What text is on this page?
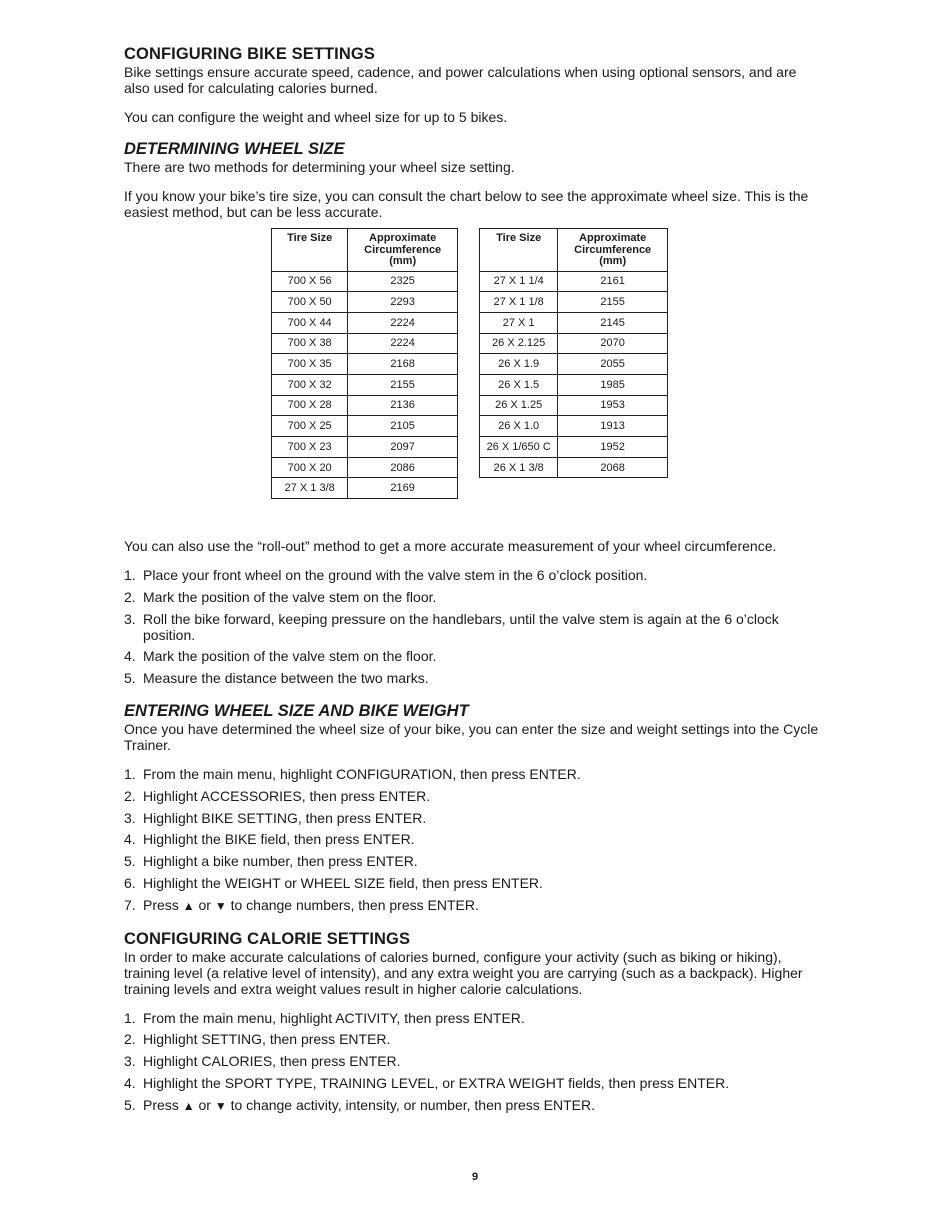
CONFIGURING BIKE SETTINGS

Bike settings ensure accurate speed, cadence, and power calculations when using optional sensors, and are also used for calculating calories burned.

You can configure the weight and wheel size for up to 5 bikes.

DETERMINING WHEEL SIZE

There are two methods for determining your wheel size setting.

If you know your bike’s tire size, you can consult the chart below to see the approximate wheel size. This is the easiest method, but can be less accurate.

Tire Size	Approximate
Circumference
(mm)
700 X 56	2325
700 X 50	2293
700 X 44	2224
700 X 38	2224
700 X 35	2168
700 X 32	2155
700 X 28	2136
700 X 25	2105
700 X 23	2097
700 X 20	2086
27 X 1 3/8	2169
Tire Size	Approximate
Circumference
(mm)
27 X 1 1/4	2161
27 X 1 1/8	2155
27 X 1	2145
26 X 2.125	2070
26 X 1.9	2055
26 X 1.5	1985
26 X 1.25	1953
26 X 1.0	1913
26 X 1/650 C	1952
26 X 1 3/8	2068

You can also use the “roll-out” method to get a more accurate measurement of your wheel circumference.

1. Place your front wheel on the ground with the valve stem in the 6 o’clock position.
2. Mark the position of the valve stem on the floor.
3. Roll the bike forward, keeping pressure on the handlebars, until the valve stem is again at the 6 o’clock position.
4. Mark the position of the valve stem on the floor.
5. Measure the distance between the two marks.
ENTERING WHEEL SIZE AND BIKE WEIGHT

Once you have determined the wheel size of your bike, you can enter the size and weight settings into the Cycle Trainer.

1. From the main menu, highlight CONFIGURATION, then press ENTER.
2. Highlight ACCESSORIES, then press ENTER.
3. Highlight BIKE SETTING, then press ENTER.
4. Highlight the BIKE field, then press ENTER.
5. Highlight a bike number, then press ENTER.
6. Highlight the WEIGHT or WHEEL SIZE field, then press ENTER.
7. Press ▲ or ▼ to change numbers, then press ENTER.
CONFIGURING CALORIE SETTINGS

In order to make accurate calculations of calories burned, configure your activity (such as biking or hiking), training level (a relative level of intensity), and any extra weight you are carrying (such as a backpack). Higher training levels and extra weight values result in higher calorie calculations.

1. From the main menu, highlight ACTIVITY, then press ENTER.
2. Highlight SETTING, then press ENTER.
3. Highlight CALORIES, then press ENTER.
4. Highlight the SPORT TYPE, TRAINING LEVEL, or EXTRA WEIGHT fields, then press ENTER.
5. Press ▲ or ▼ to change activity, intensity, or number, then press ENTER.
9
